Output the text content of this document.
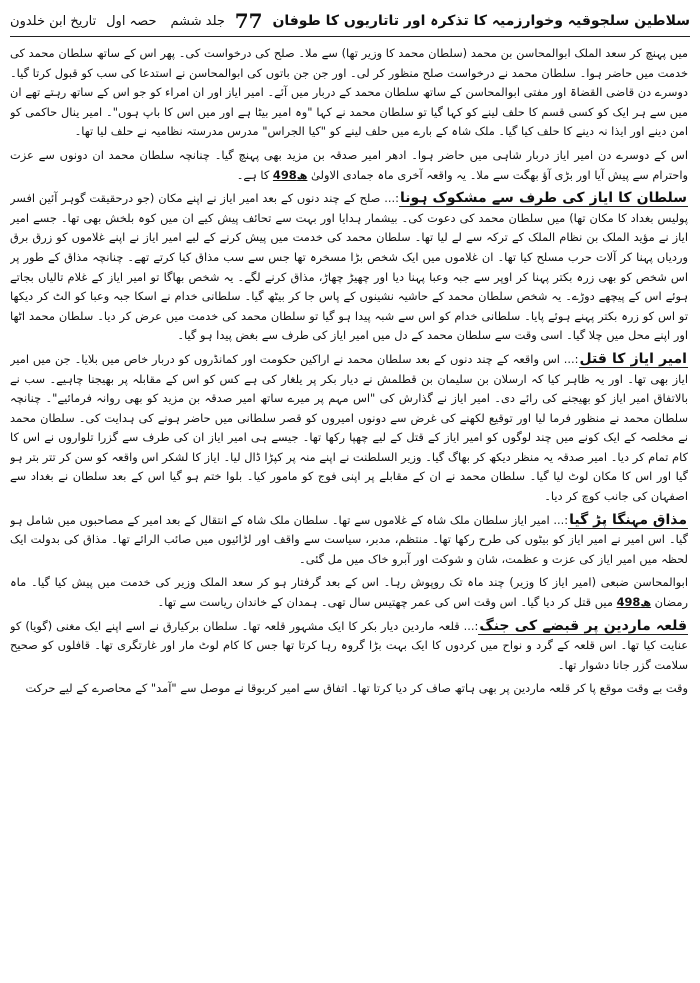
سلاطین سلجوقیہ وخوارزمیہ کا تذکرہ اور تاتاریوں کا طوفان
77
جلد ششم
حصہ اول
تاریخ ابن خلدون

میں پہنچ کر سعد الملک ابوالمحاسن بن محمد (سلطان محمد کا وزیر تھا) سے ملا۔ صلح کی درخواست کی۔ پھر اس کے ساتھ سلطان محمد کی خدمت میں حاضر ہوا۔ سلطان محمد نے درخواست صلح منظور کر لی۔ اور جن جن باتوں کی ابوالمحاسن نے استدعا کی سب کو قبول کرتا گیا۔ دوسرے دن قاضی القضاۃ اور مفتی ابوالمحاسن کے ساتھ سلطان محمد کے دربار میں آئے۔ امیر ایاز اور ان امراء کو جو اس کے ساتھ رہتے تھے ان میں سے ہر ایک کو کسی قسم کا حلف لینے کو کہا گیا تو سلطان محمد نے کہا "وہ امیر بیٹا ہے اور میں اس کا باپ ہوں"۔ امیر ینال حاکمی کو امن دینے اور ایذا نہ دینے کا حلف کیا گیا۔ ملک شاہ کے بارے میں حلف لینے کو "کیا الجراس" مدرس مدرستہ نظامیہ نے حلف لیا تھا۔

اس کے دوسرے دن امیر ایاز دربار شاہی میں حاضر ہوا۔ ادھر امیر صدقہ بن مزید بھی پہنچ گیا۔ چنانچہ سلطان محمد ان دونوں سے عزت واحترام سے پیش آیا اور بڑی آؤ بھگت سے ملا۔ یہ واقعہ آخری ماہ جمادی الاولیٰ 498ھ کا ہے۔

سلطان کا ایاز کی طرف سے مشکوک ہونا:... صلح کے چند دنوں کے بعد امیر ایاز نے اپنے مکان (جو درحقیقت گوہر آئین افسر پولیس بغداد کا مکان تھا) میں سلطان محمد کی دعوت کی۔ بیشمار ہدایا اور بہت سے تحائف پیش کیے ان میں کوہ بلخش بھی تھا۔ جسے امیر ایاز نے مؤید الملک بن نظام الملک کے ترکہ سے لے لیا تھا۔ سلطان محمد کی خدمت میں پیش کرنے کے لیے امیر ایاز نے اپنے غلاموں کو زرق برق وردیاں پہنا کر آلات حرب مسلح کیا تھا۔ ان غلاموں میں ایک شخص بڑا مسخرہ تھا جس سے سب مذاق کیا کرتے تھے۔ چنانچہ مذاق کے طور پر اس شخص کو بھی زرہ بکتر پہنا کر اوپر سے جبہ وعبا پہنا دیا اور چھیڑ چھاڑ، مذاق کرنے لگے۔ یہ شخص بھاگا تو امیر ایاز کے غلام تالیاں بجاتے ہوئے اس کے پیچھے دوڑے۔ یہ شخص سلطان محمد کے حاشیہ نشینوں کے پاس جا کر بیٹھ گیا۔ سلطانی خدام نے اسکا جبہ وعبا کو الٹ کر دیکھا تو اس کو زرہ بکتر پہنے ہوئے پایا۔ سلطانی خدام کو اس سے شبہ پیدا ہو گیا تو سلطان محمد کی خدمت میں عرض کر دیا۔ سلطان محمد اٹھا اور اپنے محل میں چلا گیا۔ اسی وقت سے سلطان محمد کے دل میں امیر ایاز کی طرف سے بغض پیدا ہو گیا۔

امیر ایاز کا قتل:... اس واقعہ کے چند دنوں کے بعد سلطان محمد نے اراکین حکومت اور کمانڈروں کو دربار خاص میں بلایا۔ جن میں امیر ایاز بھی تھا۔ اور یہ ظاہر کیا کہ ارسلان بن سلیمان بن قطلمش نے دیار بکر پر یلغار کی ہے کس کو اس کے مقابلہ پر بھیجنا چاہیے۔ سب نے بالاتفاق امیر ایاز کو بھیجنے کی رائے دی۔ امیر ایاز نے گذارش کی "اس مہم پر میرے ساتھ امیر صدقہ بن مزید کو بھی روانہ فرمائیے"۔ چنانچہ سلطان محمد نے منظور فرما لیا اور توقیع لکھنے کی غرض سے دونوں امیروں کو قصر سلطانی میں حاضر ہونے کی ہدایت کی۔ سلطان محمد نے مخلصہ کے ایک کونے میں چند لوگوں کو امیر ایاز کے قتل کے لیے چھپا رکھا تھا۔ جیسے ہی امیر ایاز ان کی طرف سے گزرا تلواروں نے اس کا کام تمام کر دیا۔ امیر صدقہ یہ منظر دیکھ کر بھاگ گیا۔ وزیر السلطنت نے اپنے منہ پر کپڑا ڈال لیا۔ ایاز کا لشکر اس واقعہ کو سن کر تتر بتر ہو گیا اور اس کا مکان لوٹ لیا گیا۔ سلطان محمد نے ان کے مقابلے پر اپنی فوج کو مامور کیا۔ بلوا ختم ہو گیا اس کے بعد سلطان نے بغداد سے اصفہان کی جانب کوچ کر دیا۔

مذاق مہنگا پڑ گیا:... امیر ایاز سلطان ملک شاہ کے غلاموں سے تھا۔ سلطان ملک شاہ کے انتقال کے بعد امیر کے مصاحبوں میں شامل ہو گیا۔ اس امیر نے امیر ایاز کو بیٹوں کی طرح رکھا تھا۔ منتظم، مدبر، سیاست سے واقف اور لڑائیوں میں صائب الرائے تھا۔ مذاق کی بدولت ایک لحظہ میں امیر ایاز کی عزت و عظمت، شان و شوکت اور آبرو خاک میں مل گئی۔

ابوالمحاسن ضبعی (امیر ایاز کا وزیر) چند ماہ تک روپوش رہا۔ اس کے بعد گرفتار ہو کر سعد الملک وزیر کی خدمت میں پیش کیا گیا۔ ماہ رمضان 498ھ میں قتل کر دیا گیا۔ اس وقت اس کی عمر چھتیس سال تھی۔ ہمدان کے خاندان ریاست سے تھا۔

قلعہ ماردین پر قبضے کی جنگ:... قلعہ ماردین دیار بکر کا ایک مشہور قلعہ تھا۔ سلطان برکیارق نے اسے اپنے ایک مغنی (گویا) کو عنایت کیا تھا۔ اس قلعہ کے گرد و نواح میں کردوں کا ایک بہت بڑا گروہ رہا کرتا تھا جس کا کام لوٹ مار اور غارتگری تھا۔ قافلوں کو صحیح سلامت گزر جانا دشوار تھا۔

وقت بے وقت موقع پا کر قلعہ ماردین پر بھی ہاتھ صاف کر دیا کرتا تھا۔ اتفاق سے امیر کربوقا نے موصل سے "آمد" کے محاصرے کے لیے حرکت
